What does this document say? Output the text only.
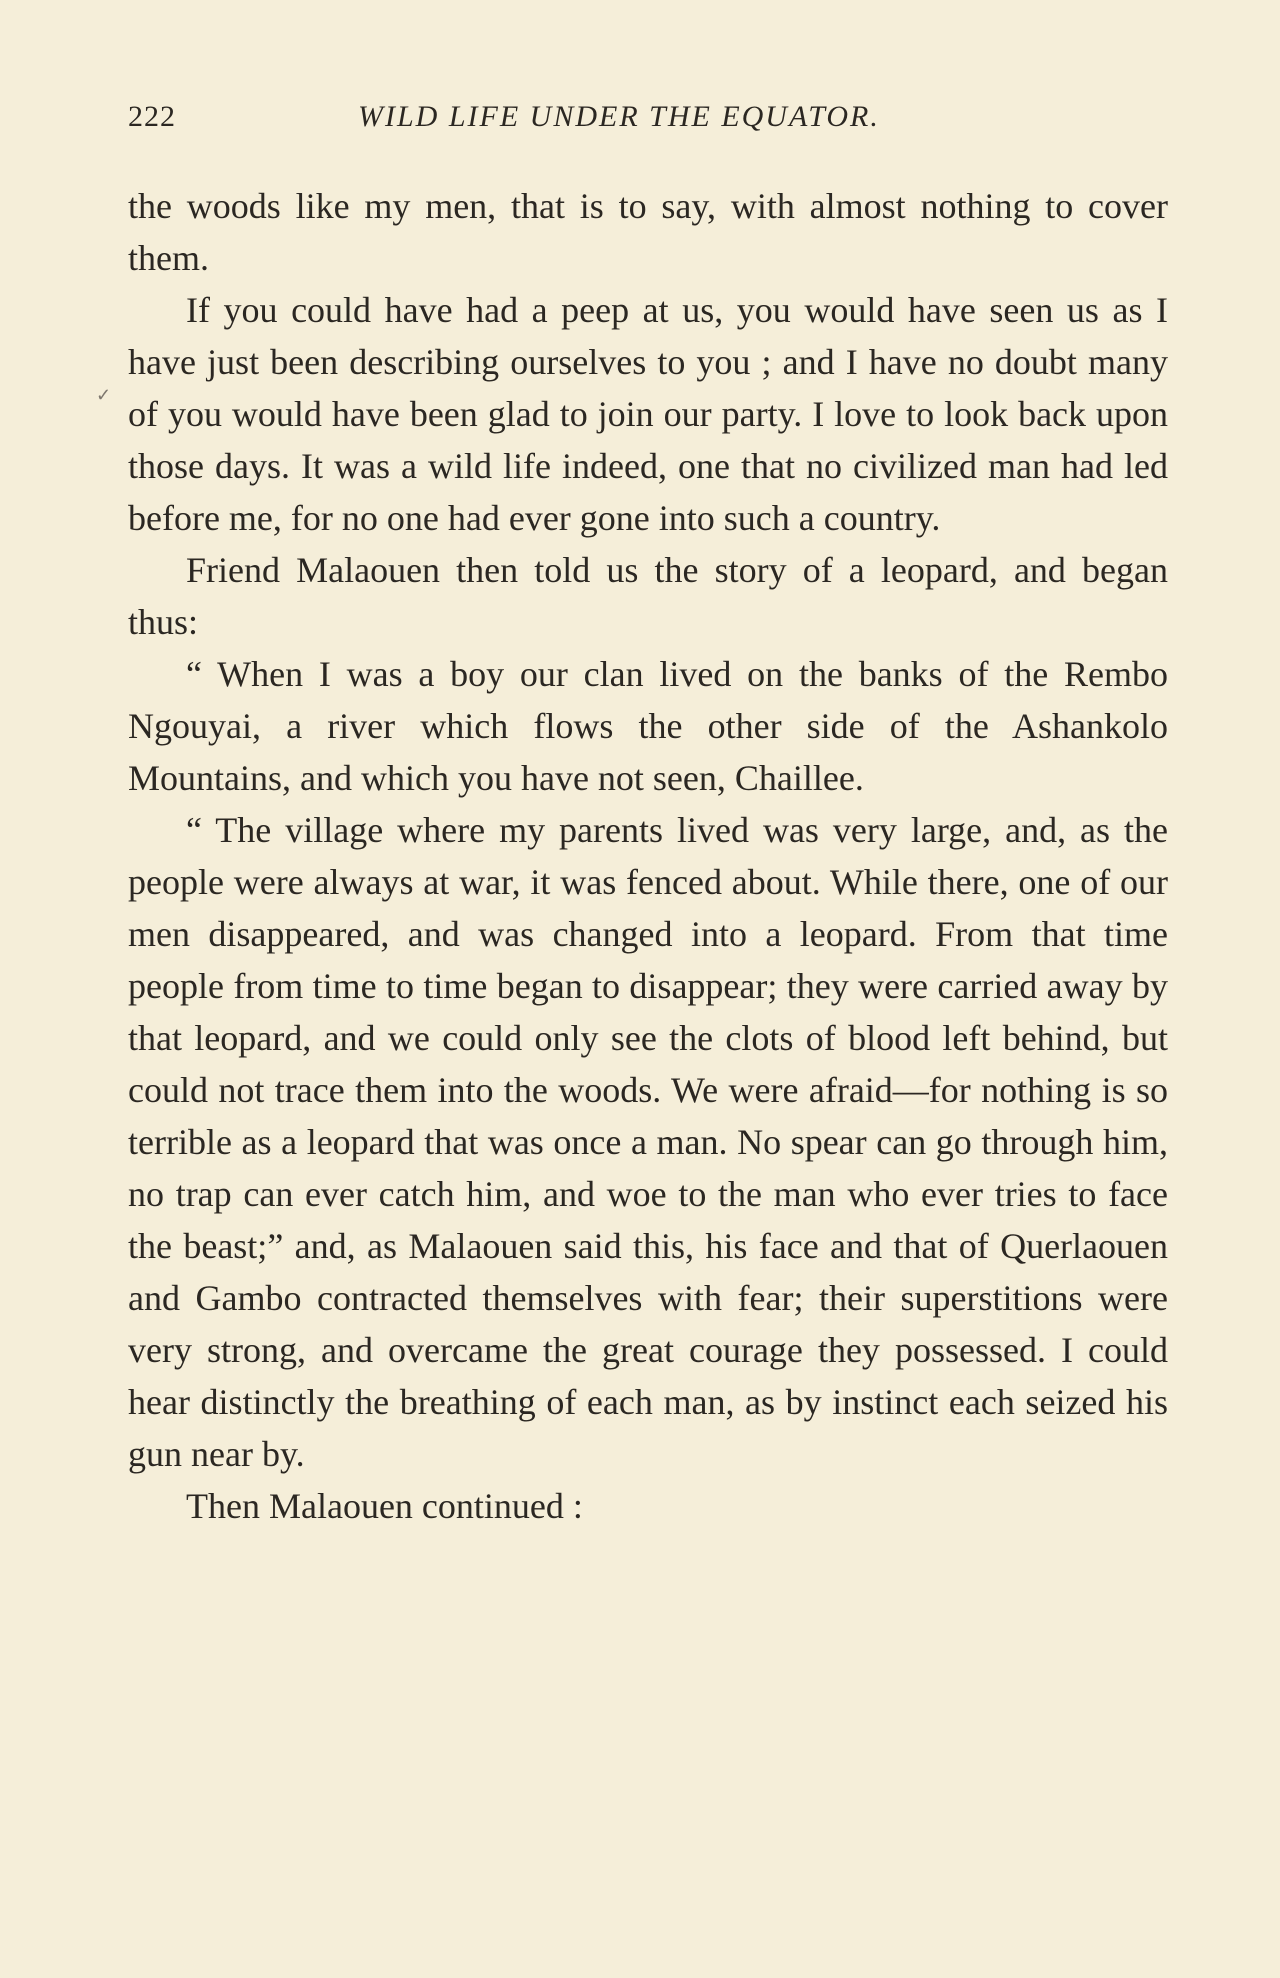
222	WILD LIFE UNDER THE EQUATOR.
✓

the woods like my men, that is to say, with almost nothing to cover them.

If you could have had a peep at us, you would have seen us as I have just been describing ourselves to you ; and I have no doubt many of you would have been glad to join our party. I love to look back upon those days. It was a wild life indeed, one that no civilized man had led before me, for no one had ever gone into such a country.

Friend Malaouen then told us the story of a leopard, and began thus:

“ When I was a boy our clan lived on the banks of the Rembo Ngouyai, a river which flows the other side of the Ashankolo Mountains, and which you have not seen, Chaillee.

“ The village where my parents lived was very large, and, as the people were always at war, it was fenced about. While there, one of our men disappeared, and was changed into a leopard. From that time people from time to time began to disappear; they were carried away by that leopard, and we could only see the clots of blood left behind, but could not trace them into the woods. We were afraid—for nothing is so terrible as a leopard that was once a man. No spear can go through him, no trap can ever catch him, and woe to the man who ever tries to face the beast;” and, as Malaouen said this, his face and that of Querlaouen and Gambo contracted themselves with fear; their superstitions were very strong, and overcame the great courage they possessed. I could hear distinctly the breathing of each man, as by instinct each seized his gun near by.

Then Malaouen continued :
